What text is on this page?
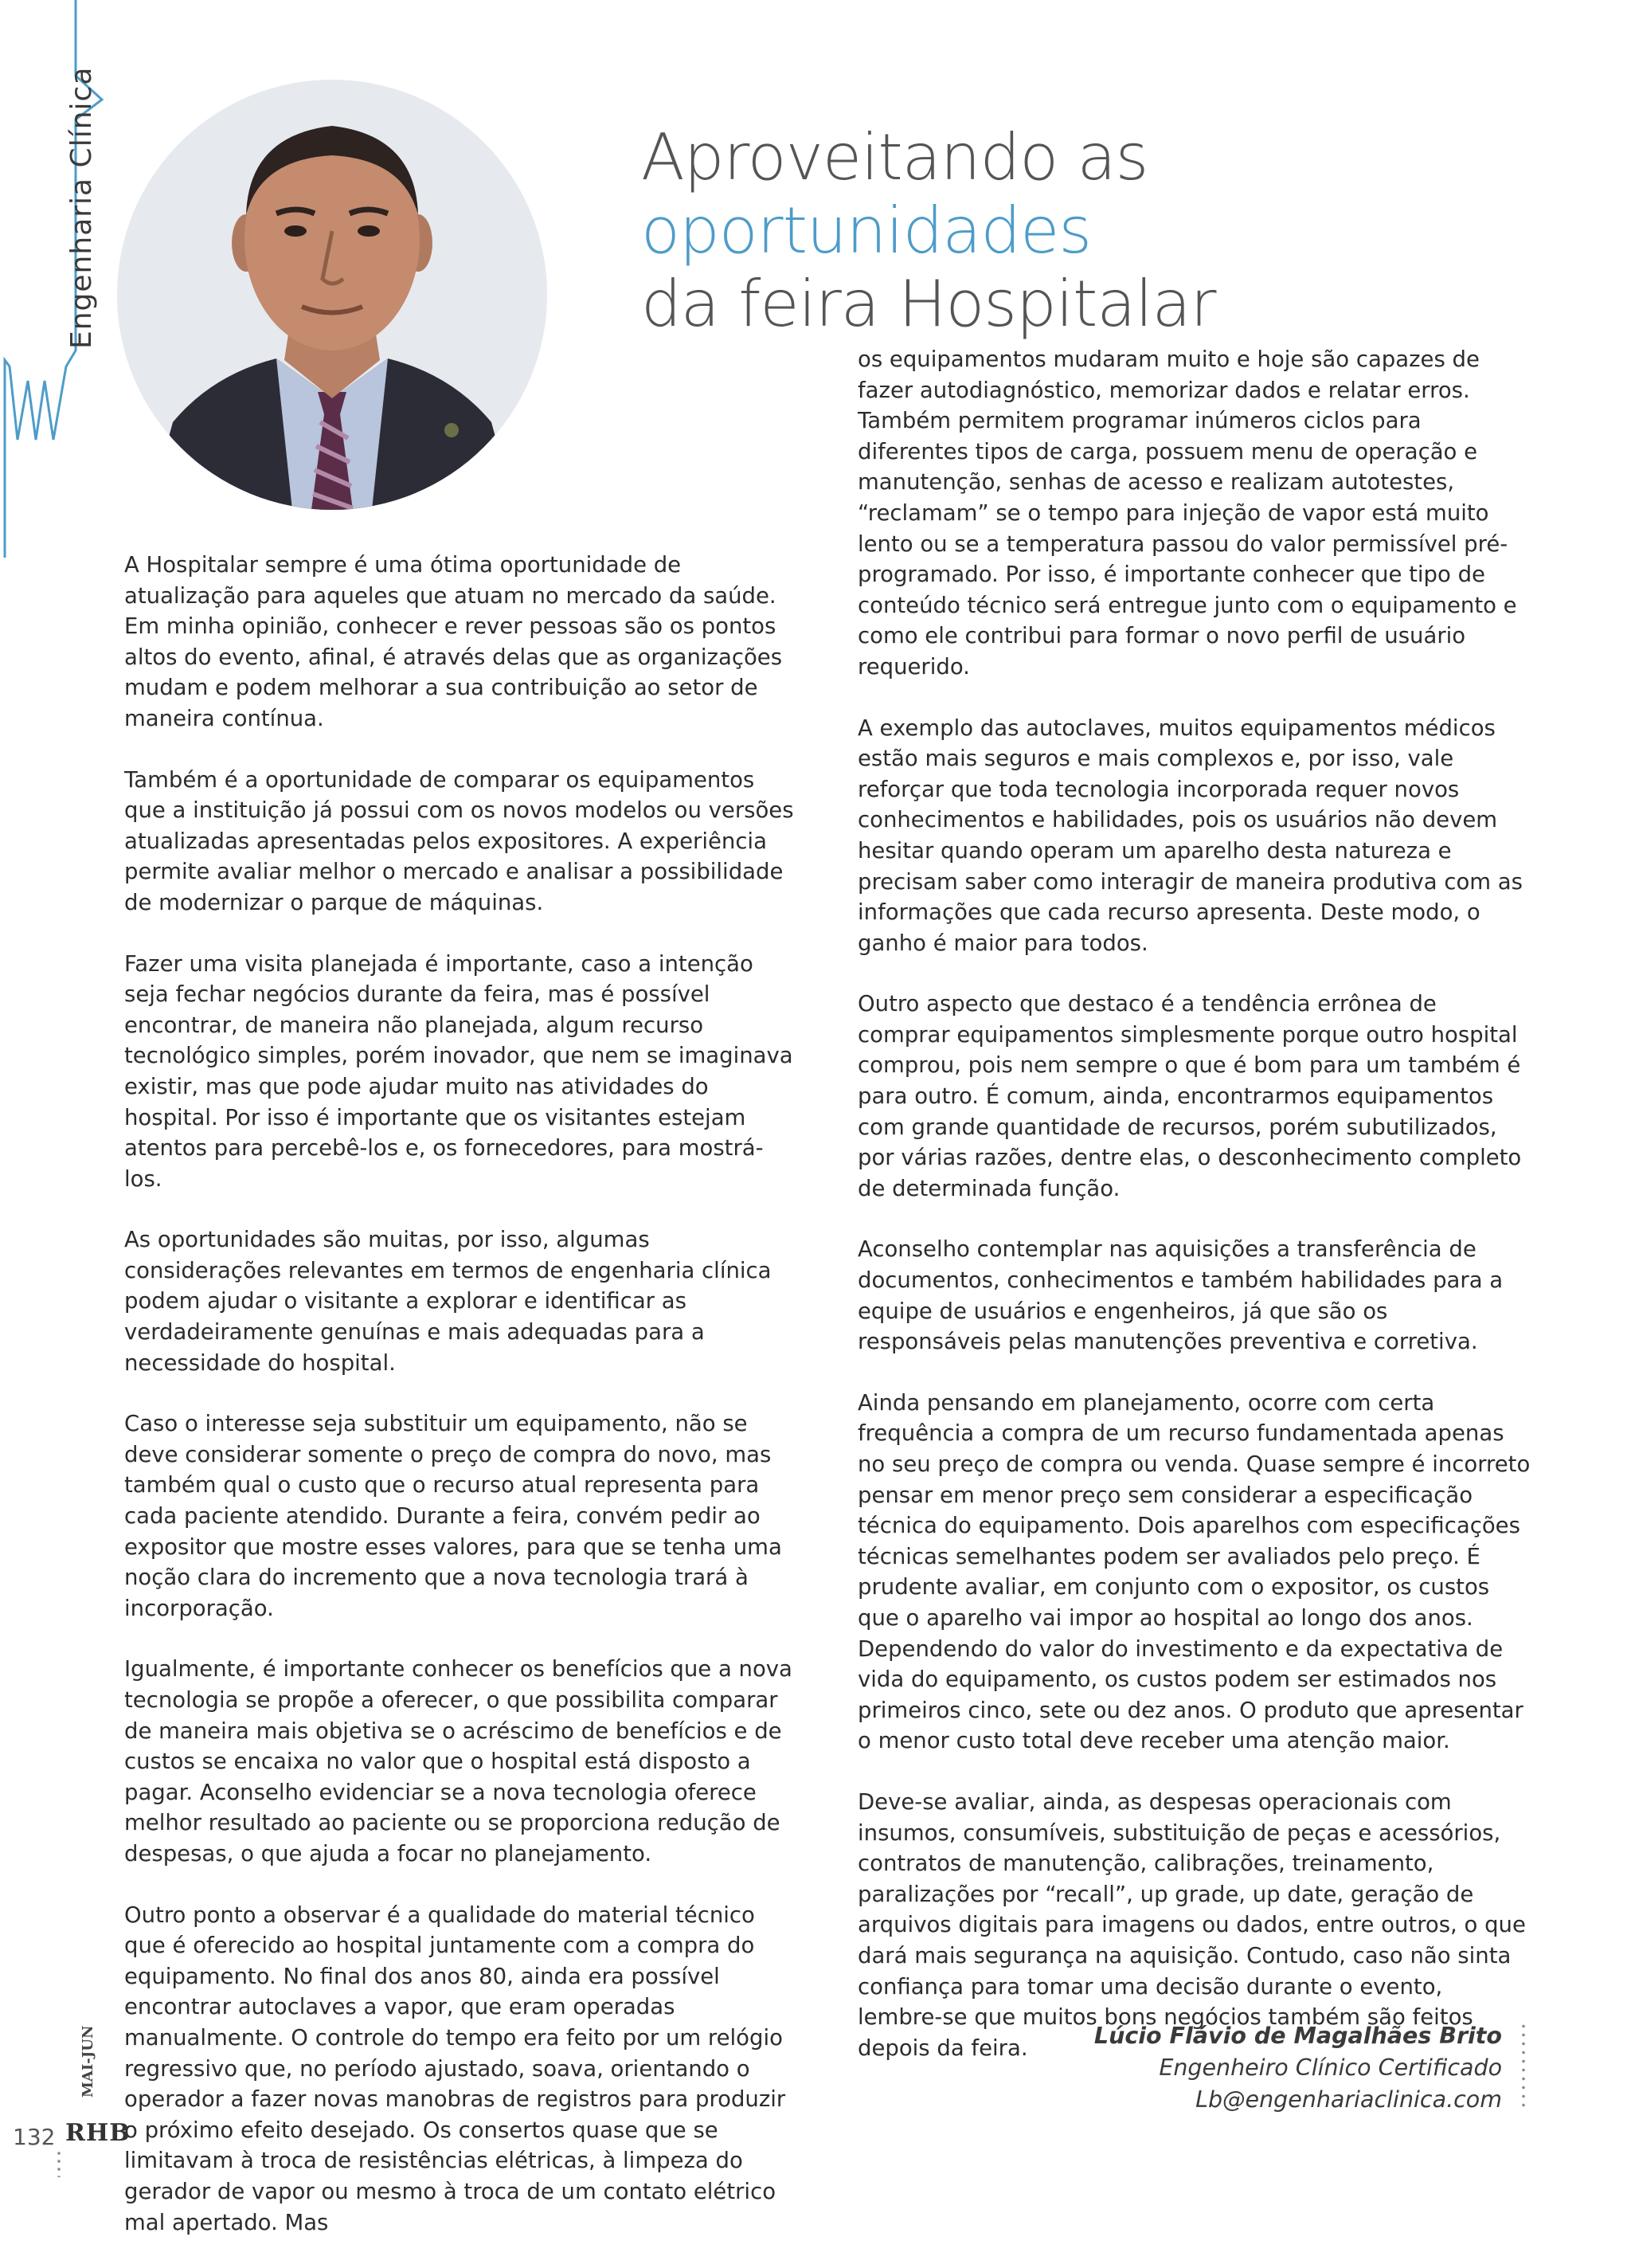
Engenharia Clínica	Aproveitando as oportunidades
da feira Hospitalar

A Hospitalar sempre é uma ótima oportunidade de atualização para aqueles que atuam no mercado da saúde. Em minha opinião, conhecer e rever pessoas são os pontos altos do evento, afinal, é através delas que as organizações mudam e podem melhorar a sua contribuição ao setor de maneira contínua.

Também é a oportunidade de comparar os equipamentos que a instituição já possui com os novos modelos ou versões atualizadas apresentadas pelos expositores. A experiência permite avaliar melhor o mercado e analisar a possibilidade de modernizar o parque de máquinas.

Fazer uma visita planejada é importante, caso a intenção seja fechar negócios durante da feira, mas é possível encontrar, de maneira não planejada, algum recurso tecnológico simples, porém inovador, que nem se imaginava existir, mas que pode ajudar muito nas atividades do hospital. Por isso é importante que os visitantes estejam atentos para percebê-los e, os fornecedores, para mostrá-los.

As oportunidades são muitas, por isso, algumas considerações relevantes em termos de engenharia clínica podem ajudar o visitante a explorar e identificar as verdadeiramente genuínas e mais adequadas para a necessidade do hospital.

Caso o interesse seja substituir um equipamento, não se deve considerar somente o preço de compra do novo, mas também qual o custo que o recurso atual representa para cada paciente atendido. Durante a feira, convém pedir ao expositor que mostre esses valores, para que se tenha uma noção clara do incremento que a nova tecnologia trará à incorporação.

Igualmente, é importante conhecer os benefícios que a nova tecnologia se propõe a oferecer, o que possibilita comparar de maneira mais objetiva se o acréscimo de benefícios e de custos se encaixa no valor que o hospital está disposto a pagar. Aconselho evidenciar se a nova tecnologia oferece melhor resultado ao paciente ou se proporciona redução de despesas, o que ajuda a focar no planejamento.

Outro ponto a observar é a qualidade do material técnico que é oferecido ao hospital juntamente com a compra do equipamento. No final dos anos 80, ainda era possível encontrar autoclaves a vapor, que eram operadas manualmente. O controle do tempo era feito por um relógio regressivo que, no período ajustado, soava, orientando o operador a fazer novas manobras de registros para produzir o próximo efeito desejado. Os consertos quase que se limitavam à troca de resistências elétricas, à limpeza do gerador de vapor ou mesmo à troca de um contato elétrico mal apertado. Mas

os equipamentos mudaram muito e hoje são capazes de fazer autodiagnóstico, memorizar dados e relatar erros. Também permitem programar inúmeros ciclos para diferentes tipos de carga, possuem menu de operação e manutenção, senhas de acesso e realizam autotestes, “reclamam” se o tempo para injeção de vapor está muito lento ou se a temperatura passou do valor permissível pré-programado. Por isso, é importante conhecer que tipo de conteúdo técnico será entregue junto com o equipamento e como ele contribui para formar o novo perfil de usuário requerido.

A exemplo das autoclaves, muitos equipamentos médicos estão mais seguros e mais complexos e, por isso, vale reforçar que toda tecnologia incorporada requer novos conhecimentos e habilidades, pois os usuários não devem hesitar quando operam um aparelho desta natureza e precisam saber como interagir de maneira produtiva com as informações que cada recurso apresenta. Deste modo, o ganho é maior para todos.

Outro aspecto que destaco é a tendência errônea de comprar equipamentos simplesmente porque outro hospital comprou, pois nem sempre o que é bom para um também é para outro. É comum, ainda, encontrarmos equipamentos com grande quantidade de recursos, porém subutilizados, por várias razões, dentre elas, o desconhecimento completo de determinada função.

Aconselho contemplar nas aquisições a transferência de documentos, conhecimentos e também habilidades para a equipe de usuários e engenheiros, já que são os responsáveis pelas manutenções preventiva e corretiva.

Ainda pensando em planejamento, ocorre com certa frequência a compra de um recurso fundamentada apenas no seu preço de compra ou venda. Quase sempre é incorreto pensar em menor preço sem considerar a especificação técnica do equipamento. Dois aparelhos com especificações técnicas semelhantes podem ser avaliados pelo preço. É prudente avaliar, em conjunto com o expositor, os custos que o aparelho vai impor ao hospital ao longo dos anos. Dependendo do valor do investimento e da expectativa de vida do equipamento, os custos podem ser estimados nos primeiros cinco, sete ou dez anos. O produto que apresentar o menor custo total deve receber uma atenção maior.

Deve-se avaliar, ainda, as despesas operacionais com insumos, consumíveis, substituição de peças e acessórios, contratos de manutenção, calibrações, treinamento, paralizações por “recall”, up grade, up date, geração de arquivos digitais para imagens ou dados, entre outros, o que dará mais segurança na aquisição. Contudo, caso não sinta confiança para tomar uma decisão durante o evento, lembre-se que muitos bons negócios também são feitos depois da feira.	Lúcio Flávio de Magalhães Brito
Engenheiro Clínico Certificado
Lb@engenhariaclinica.com
132
MAI-JUN
RHB
